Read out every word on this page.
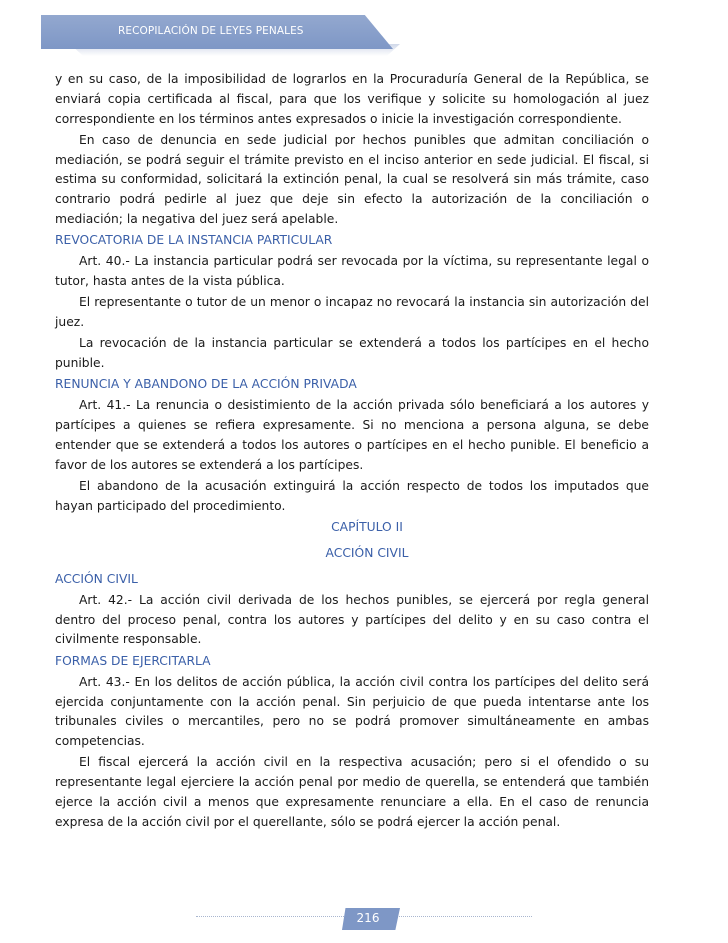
RECOPILACIÓN DE LEYES PENALES

y en su caso, de la imposibilidad de lograrlos en la Procuraduría General de la República, se enviará copia certificada al fiscal, para que los verifique y solicite su homologación al juez correspondiente en los términos antes expresados o inicie la investigación correspondiente.

En caso de denuncia en sede judicial por hechos punibles que admitan conciliación o mediación, se podrá seguir el trámite previsto en el inciso anterior en sede judicial. El fiscal, si estima su conformidad, solicitará la extinción penal, la cual se resolverá sin más trámite, caso contrario podrá pedirle al juez que deje sin efecto la autorización de la conciliación o mediación; la negativa del juez será apelable.

REVOCATORIA DE LA INSTANCIA PARTICULAR

Art. 40.- La instancia particular podrá ser revocada por la víctima, su representante legal o tutor, hasta antes de la vista pública.

El representante o tutor de un menor o incapaz no revocará la instancia sin autorización del juez.

La revocación de la instancia particular se extenderá a todos los partícipes en el hecho punible.

RENUNCIA Y ABANDONO DE LA ACCIÓN PRIVADA

Art. 41.- La renuncia o desistimiento de la acción privada sólo beneficiará a los autores y partícipes a quienes se refiera expresamente. Si no menciona a persona alguna, se debe entender que se extenderá a todos los autores o partícipes en el hecho punible. El beneficio a favor de los autores se extenderá a los partícipes.

El abandono de la acusación extinguirá la acción respecto de todos los imputados que hayan participado del procedimiento.

CAPÍTULO II
ACCIÓN CIVIL
ACCIÓN CIVIL

Art. 42.- La acción civil derivada de los hechos punibles, se ejercerá por regla general dentro del proceso penal, contra los autores y partícipes del delito y en su caso contra el civilmente responsable.

FORMAS DE EJERCITARLA

Art. 43.- En los delitos de acción pública, la acción civil contra los partícipes del delito será ejercida conjuntamente con la acción penal. Sin perjuicio de que pueda intentarse ante los tribunales civiles o mercantiles, pero no se podrá promover simultáneamente en ambas competencias.

El fiscal ejercerá la acción civil en la respectiva acusación; pero si el ofendido o su representante legal ejerciere la acción penal por medio de querella, se entenderá que también ejerce la acción civil a menos que expresamente renunciare a ella. En el caso de renuncia expresa de la acción civil por el querellante, sólo se podrá ejercer la acción penal.

216
